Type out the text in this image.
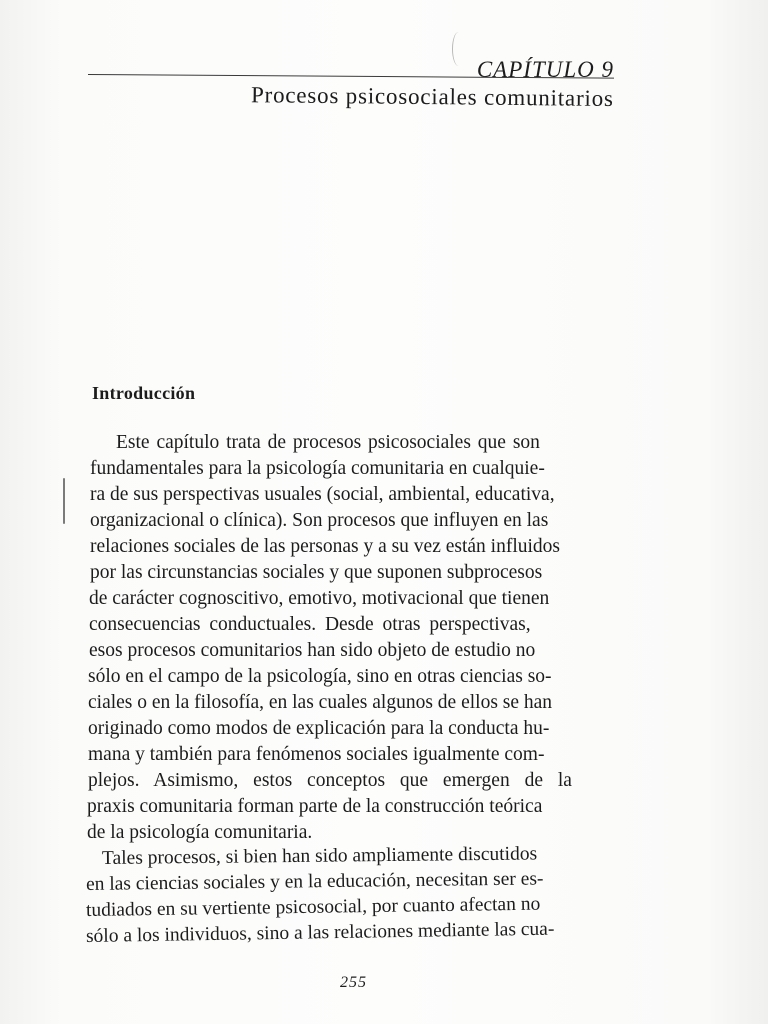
CAPÍTULO 9
Procesos psicosociales comunitarios
Introducción
Este capítulo trata de procesos psicosociales que son
fundamentales para la psicología comunitaria en cualquie-
ra de sus perspectivas usuales (social, ambiental, educativa,
organizacional o clínica). Son procesos que influyen en las
relaciones sociales de las personas y a su vez están influidos
por las circunstancias sociales y que suponen subprocesos
de carácter cognoscitivo, emotivo, motivacional que tienen
consecuencias conductuales. Desde otras perspectivas,
esos procesos comunitarios han sido objeto de estudio no
sólo en el campo de la psicología, sino en otras ciencias so-
ciales o en la filosofía, en las cuales algunos de ellos se han
originado como modos de explicación para la conducta hu-
mana y también para fenómenos sociales igualmente com-
plejos. Asimismo, estos conceptos que emergen de la
praxis comunitaria forman parte de la construcción teórica
de la psicología comunitaria.
Tales procesos, si bien han sido ampliamente discutidos
en las ciencias sociales y en la educación, necesitan ser es-
tudiados en su vertiente psicosocial, por cuanto afectan no
sólo a los individuos, sino a las relaciones mediante las cua-
255
